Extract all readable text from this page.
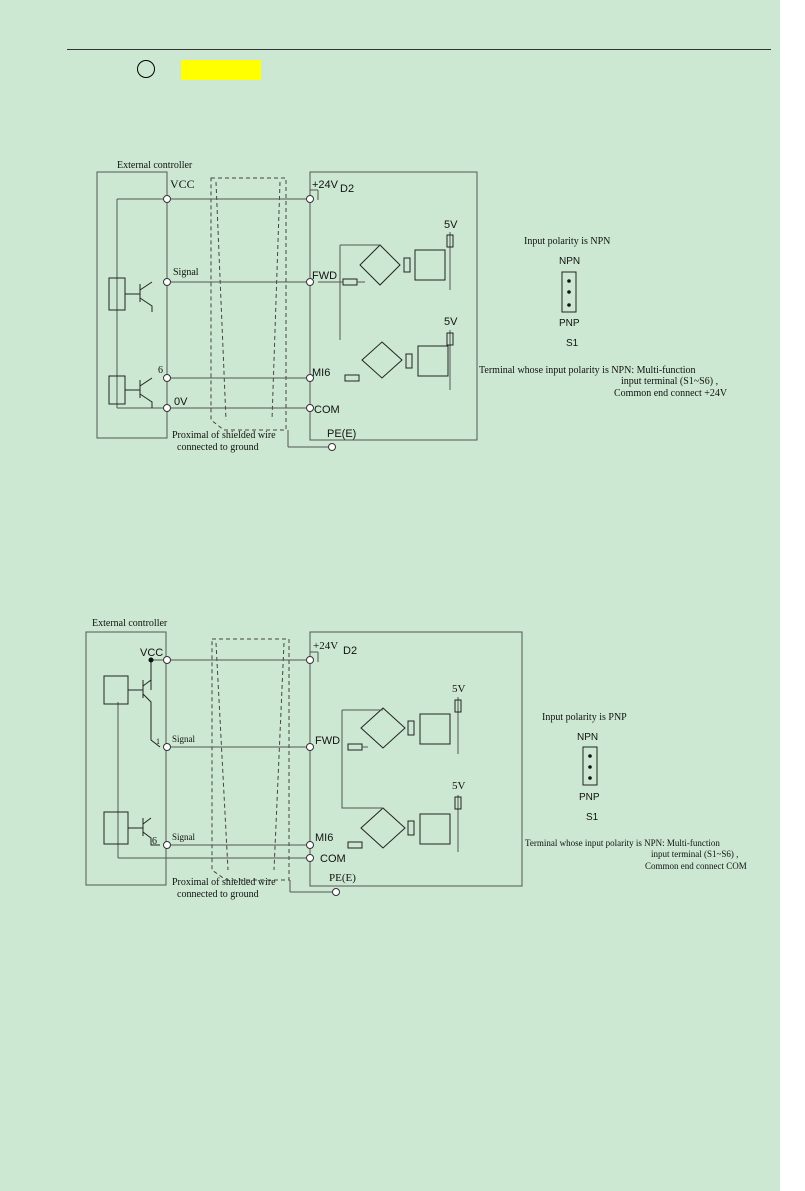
5V
5V
External controller
VCC
Signal
6
0V
+24V D2
FWD
MI6
COM
PE(E)
Proximal of shielded wire
connected to ground
Input polarity is NPN
NPN
PNP
S1
Terminal whose input polarity is NPN: Multi-function
input terminal (S1~S6) ,
Common end connect +24V
5V
5V
External controller
VCC
1 Signal
6 Signal
+24V D2
FWD
MI6
COM
PE(E)
Proximal of shielded wire
connected to ground
Input polarity is PNP
NPN
PNP
S1
Terminal whose input polarity is NPN: Multi-function
input terminal (S1~S6) ,
Common end connect COM
